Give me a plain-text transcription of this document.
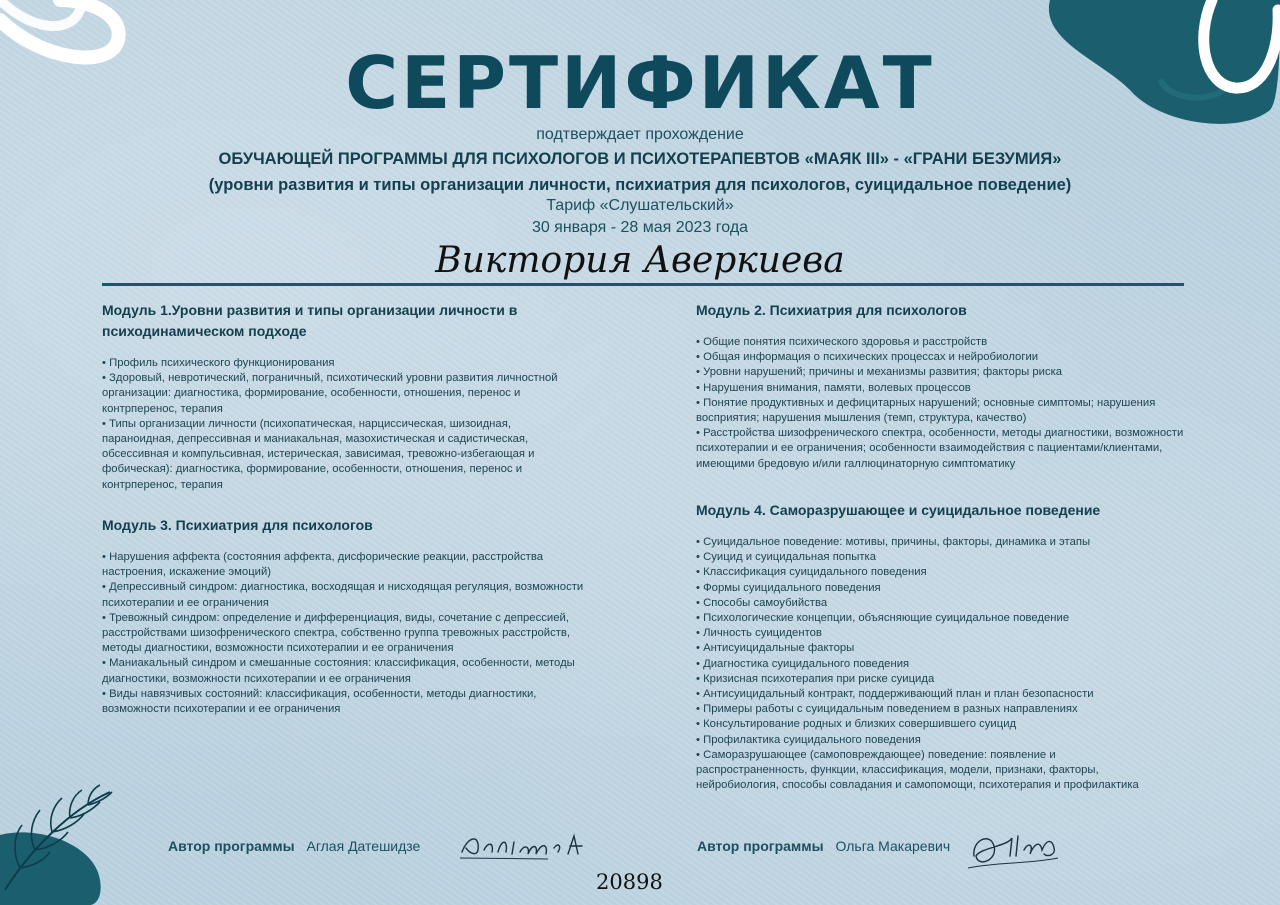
СЕРТИФИКАТ
подтверждает прохождение
ОБУЧАЮЩЕЙ ПРОГРАММЫ ДЛЯ ПСИХОЛОГОВ И ПСИХОТЕРАПЕВТОВ «МАЯК III» - «ГРАНИ БЕЗУМИЯ»
(уровни развития и типы организации личности, психиатрия для психологов, суицидальное поведение)
Тариф «Слушательский»
30 января - 28 мая 2023 года
Виктория Аверкиева
Модуль 1.Уровни развития и типы организации личности в психодинамическом подходе
• Профиль психического функционирования
• Здоровый, невротический, пограничный, психотический уровни развития личностной организации: диагностика, формирование, особенности, отношения, перенос и контрперенос, терапия
• Типы организации личности (психопатическая, нарциссическая, шизоидная, параноидная, депрессивная и маниакальная, мазохистическая и садистическая, обсессивная и компульсивная, истерическая, зависимая, тревожно-избегающая и фобическая): диагностика, формирование, особенности, отношения, перенос и контрперенос, терапия
Модуль 3. Психиатрия для психологов
• Нарушения аффекта (состояния аффекта, дисфорические реакции, расстройства настроения, искажение эмоций)
• Депрессивный синдром: диагностика, восходящая и нисходящая регуляция, возможности психотерапии и ее ограничения
• Тревожный синдром: определение и дифференциация, виды, сочетание с депрессией, расстройствами шизофренического спектра, собственно группа тревожных расстройств, методы диагностики, возможности психотерапии и ее ограничения
• Маниакальный синдром и смешанные состояния: классификация, особенности, методы диагностики, возможности психотерапии и ее ограничения
• Виды навязчивых состояний: классификация, особенности, методы диагностики, возможности психотерапии и ее ограничения
Модуль 2. Психиатрия для психологов
• Общие понятия психического здоровья и расстройств
• Общая информация о психических процессах и нейробиологии
• Уровни нарушений; причины и механизмы развития; факторы риска
• Нарушения внимания, памяти, волевых процессов
• Понятие продуктивных и дефицитарных нарушений; основные симптомы; нарушения восприятия; нарушения мышления (темп, структура, качество)
• Расстройства шизофренического спектра, особенности, методы диагностики, возможности психотерапии и ее ограничения; особенности взаимодействия с пациентами/клиентами, имеющими бредовую и/или галлюцинаторную симптоматику
Модуль 4. Саморазрушающее и суицидальное поведение
• Суицидальное поведение: мотивы, причины, факторы, динамика и этапы
• Суицид и суицидальная попытка
• Классификация суицидального поведения
• Формы суицидального поведения
• Способы самоубийства
• Психологические концепции, объясняющие суицидальное поведение
• Личность суицидентов
• Антисуицидальные факторы
• Диагностика суицидального поведения
• Кризисная психотерапия при риске суицида
• Антисуицидальный контракт, поддерживающий план и план безопасности
• Примеры работы с суицидальным поведением в разных направлениях
• Консультирование родных и близких совершившего суицид
• Профилактика суицидального поведения
• Саморазрушающее (самоповреждающее) поведение: появление и распространенность, функции, классификация, модели, признаки, факторы, нейробиология, способы совладания и самопомощи, психотерапия и профилактика
Автор программы Аглая Датешидзе	Автор программы Ольга Макаревич
20898
